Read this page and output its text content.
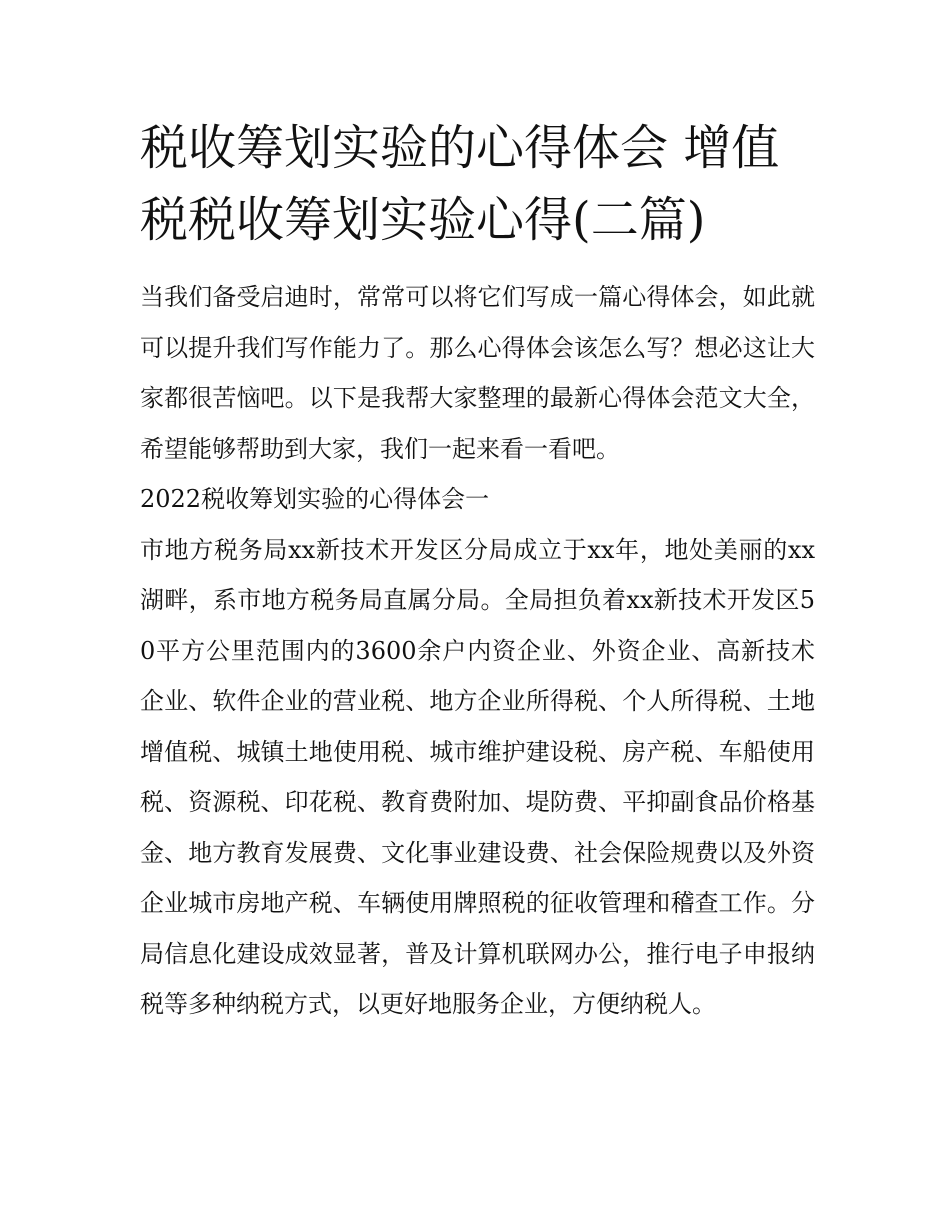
税收筹划实验的心得体会 增值税税收筹划实验心得(二篇)

当我们备受启迪时，常常可以将它们写成一篇心得体会，如此就可以提升我们写作能力了。那么心得体会该怎么写？想必这让大家都很苦恼吧。以下是我帮大家整理的最新心得体会范文大全，希望能够帮助到大家，我们一起来看一看吧。

2022税收筹划实验的心得体会一

市地方税务局xx新技术开发区分局成立于xx年，地处美丽的xx湖畔，系市地方税务局直属分局。全局担负着xx新技术开发区50平方公里范围内的3600余户内资企业、外资企业、高新技术企业、软件企业的营业税、地方企业所得税、个人所得税、土地增值税、城镇土地使用税、城市维护建设税、房产税、车船使用税、资源税、印花税、教育费附加、堤防费、平抑副食品价格基金、地方教育发展费、文化事业建设费、社会保险规费以及外资企业城市房地产税、车辆使用牌照税的征收管理和稽查工作。分局信息化建设成效显著，普及计算机联网办公，推行电子申报纳税等多种纳税方式，以更好地服务企业，方便纳税人。
